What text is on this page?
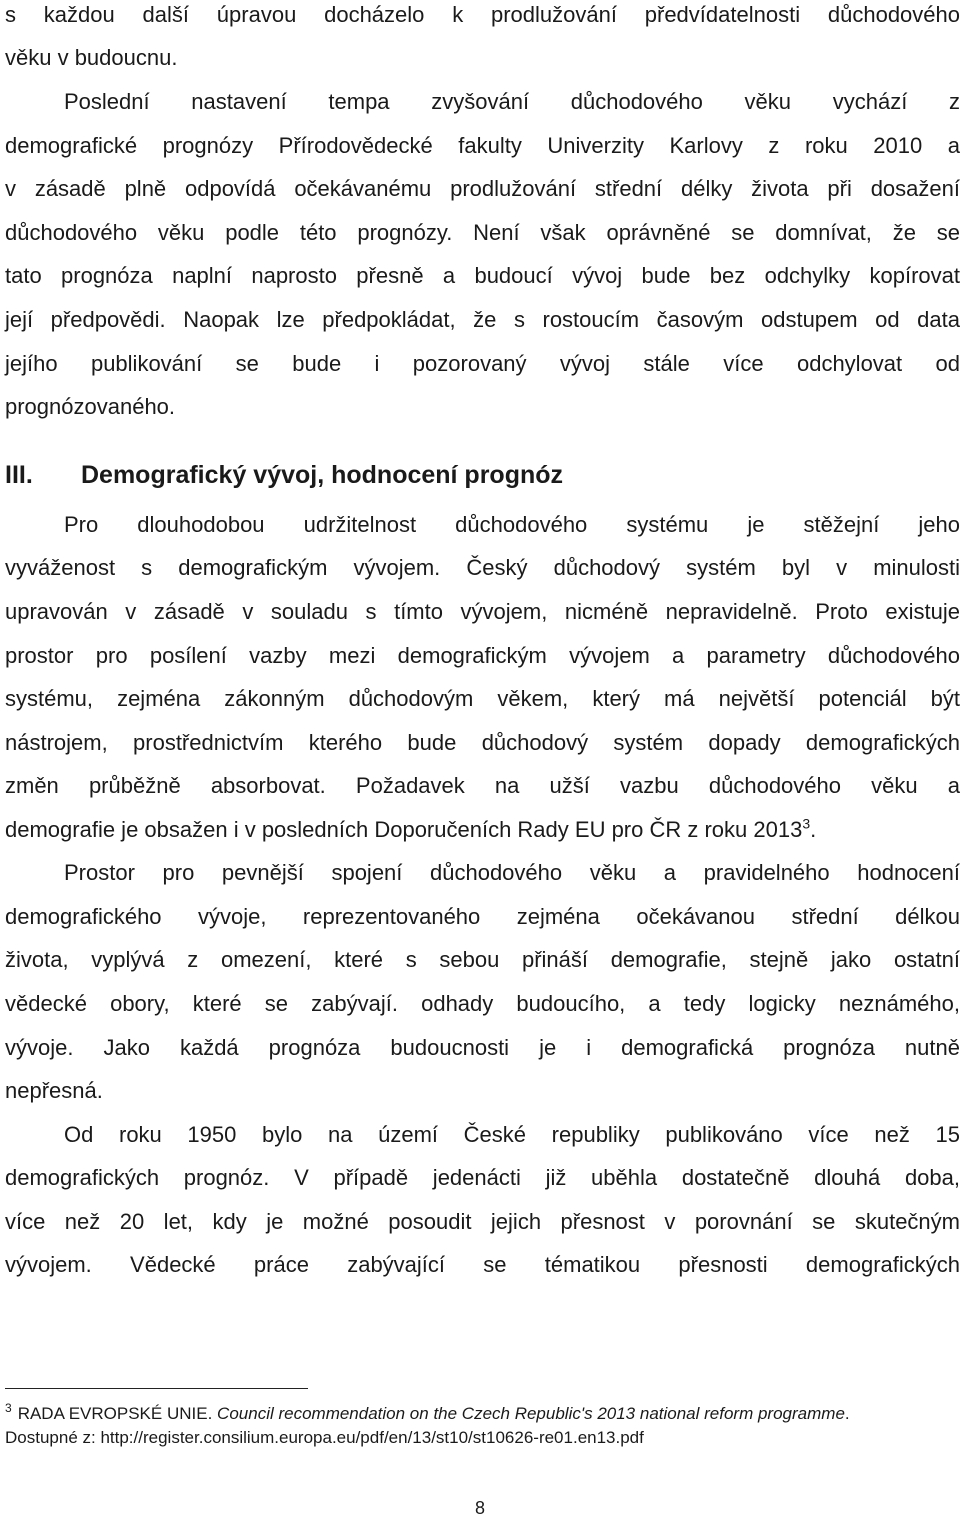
s každou další úpravou docházelo k prodlužování předvídatelnosti důchodového
věku v budoucnu.
Poslední nastavení tempa zvyšování důchodového věku vychází z
demografické prognózy Přírodovědecké fakulty Univerzity Karlovy z roku 2010 a
v zásadě plně odpovídá očekávanému prodlužování střední délky života při dosažení
důchodového věku podle této prognózy. Není však oprávněné se domnívat, že se
tato prognóza naplní naprosto přesně a budoucí vývoj bude bez odchylky kopírovat
její předpovědi. Naopak lze předpokládat, že s rostoucím časovým odstupem od data
jejího publikování se bude i pozorovaný vývoj stále více odchylovat od
prognózovaného.
III. Demografický vývoj, hodnocení prognóz
Pro dlouhodobou udržitelnost důchodového systému je stěžejní jeho
vyváženost s demografickým vývojem. Český důchodový systém byl v minulosti
upravován v zásadě v souladu s tímto vývojem, nicméně nepravidelně. Proto existuje
prostor pro posílení vazby mezi demografickým vývojem a parametry důchodového
systému, zejména zákonným důchodovým věkem, který má největší potenciál být
nástrojem, prostřednictvím kterého bude důchodový systém dopady demografických
změn průběžně absorbovat. Požadavek na užší vazbu důchodového věku a
demografie je obsažen i v posledních Doporučeních Rady EU pro ČR z roku 2013$^3$.
Prostor pro pevnější spojení důchodového věku a pravidelného hodnocení
demografického vývoje, reprezentovaného zejména očekávanou střední délkou
života, vyplývá z omezení, které s sebou přináší demografie, stejně jako ostatní
vědecké obory, které se zabývají. odhady budoucího, a tedy logicky neznámého,
vývoje. Jako každá prognóza budoucnosti je i demografická prognóza nutně
nepřesná.
Od roku 1950 bylo na území České republiky publikováno více než 15
demografických prognóz. V případě jedenácti již uběhla dostatečně dlouhá doba,
více než 20 let, kdy je možné posoudit jejich přesnost v porovnání se skutečným
vývojem. Vědecké práce zabývající se tématikou přesnosti demografických
$^3$ RADA EVROPSKÉ UNIE. Council recommendation on the Czech Republic's 2013 national reform programme.
Dostupné z: http://register.consilium.europa.eu/pdf/en/13/st10/st10626-re01.en13.pdf
8
